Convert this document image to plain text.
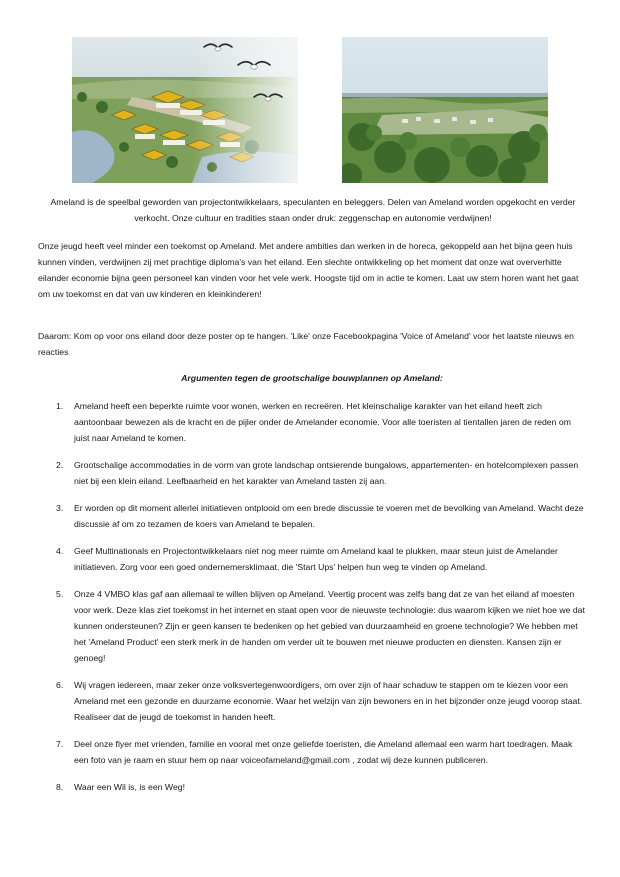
Ameland is de speelbal geworden van projectontwikkelaars, speculanten en beleggers. Delen van Ameland worden opgekocht en verder verkocht. Onze cultuur en tradities staan onder druk: zeggenschap en autonomie verdwijnen!

Onze jeugd heeft veel minder een toekomst op Ameland. Met andere ambities dan werken in de horeca, gekoppeld aan het bijna geen huis kunnen vinden, verdwijnen zij met prachtige diploma's van het eiland. Een slechte ontwikkeling op het moment dat onze wat oververhitte eilander economie bijna geen personeel kan vinden voor het vele werk. Hoogste tijd om in actie te komen. Laat uw stem horen want het gaat om uw toekomst en dat van uw kinderen en kleinkinderen!

Daarom: Kom op voor ons eiland door deze poster op te hangen. 'Like' onze Facebookpagina 'Voice of Ameland' voor het laatste nieuws en reacties

Argumenten tegen de grootschalige bouwplannen op Ameland:

1. Ameland heeft een beperkte ruimte voor wonen, werken en recreëren. Het kleinschalige karakter van het eiland heeft zich aantoonbaar bewezen als de kracht en de pijler onder de Amelander economie. Voor alle toeristen al tientallen jaren de reden om juist naar Ameland te komen.
2. Grootschalige accommodaties in de vorm van grote landschap ontsierende bungalows, appartementen- en hotelcomplexen passen niet bij een klein eiland. Leefbaarheid en het karakter van Ameland tasten zij aan.
3. Er worden op dit moment allerlei initiatieven ontplooid om een brede discussie te voeren met de bevolking van Ameland. Wacht deze discussie af om zo tezamen de koers van Ameland te bepalen.
4. Geef Multinationals en Projectontwikkelaars niet nog meer ruimte om Ameland kaal te plukken, maar steun juist de Amelander initiatieven. Zorg voor een goed ondernemersklimaat, die 'Start Ups' helpen hun weg te vinden op Ameland.
5. Onze 4 VMBO klas gaf aan allemaal te willen blijven op Ameland. Veertig procent was zelfs bang dat ze van het eiland af moesten voor werk. Deze klas ziet toekomst in het internet en staat open voor de nieuwste technologie: dus waarom kijken we niet hoe we dat kunnen ondersteunen? Zijn er geen kansen te bedenken op het gebied van duurzaamheid en groene technologie? We hebben met het 'Ameland Product' een sterk merk in de handen om verder uit te bouwen met nieuwe producten en diensten. Kansen zijn er genoeg!
6. Wij vragen iedereen, maar zeker onze volksvertegenwoordigers, om over zijn of haar schaduw te stappen om te kiezen voor een Ameland met een gezonde en duurzame economie. Waar het welzijn van zijn bewoners en in het bijzonder onze jeugd voorop staat. Realiseer dat de jeugd de toekomst in handen heeft.
7. Deel onze flyer met vrienden, familie en vooral met onze geliefde toeristen, die Ameland allemaal een warm hart toedragen. Maak een foto van je raam en stuur hem op naar voiceofameland@gmail.com , zodat wij deze kunnen publiceren.
8. Waar een Wil is, is een Weg!
